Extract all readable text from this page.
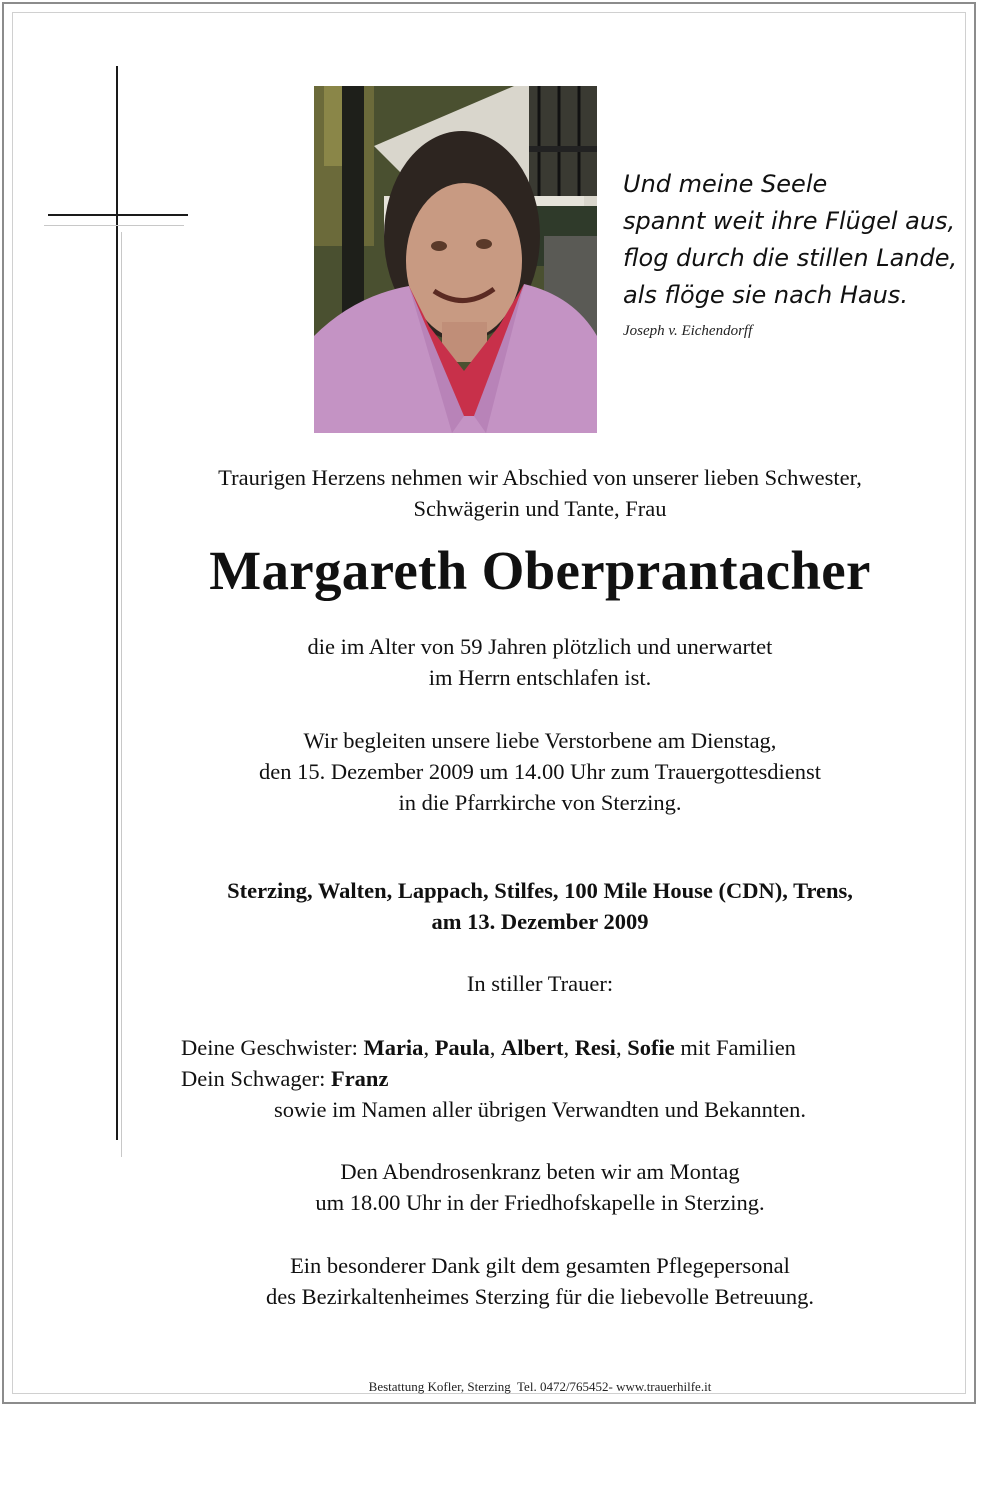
Und meine Seele
spannt weit ihre Flügel aus,
flog durch die stillen Lande,
als flöge sie nach Haus.
Joseph v. Eichendorff
Traurigen Herzens nehmen wir Abschied von unserer lieben Schwester,
Schwägerin und Tante, Frau
Margareth Oberprantacher
die im Alter von 59 Jahren plötzlich und unerwartet
im Herrn entschlafen ist.
Wir begleiten unsere liebe Verstorbene am Dienstag,
den 15. Dezember 2009 um 14.00 Uhr zum Trauergottesdienst
in die Pfarrkirche von Sterzing.
Sterzing, Walten, Lappach, Stilfes, 100 Mile House (CDN), Trens,
am 13. Dezember 2009
In stiller Trauer:
Deine Geschwister: Maria, Paula, Albert, Resi, Sofie mit Familien
Dein Schwager: Franz
sowie im Namen aller übrigen Verwandten und Bekannten.
Den Abendrosenkranz beten wir am Montag
um 18.00 Uhr in der Friedhofskapelle in Sterzing.
Ein besonderer Dank gilt dem gesamten Pflegepersonal
des Bezirkaltenheimes Sterzing für die liebevolle Betreuung.
Bestattung Kofler, Sterzing  Tel. 0472/765452- www.trauerhilfe.it
